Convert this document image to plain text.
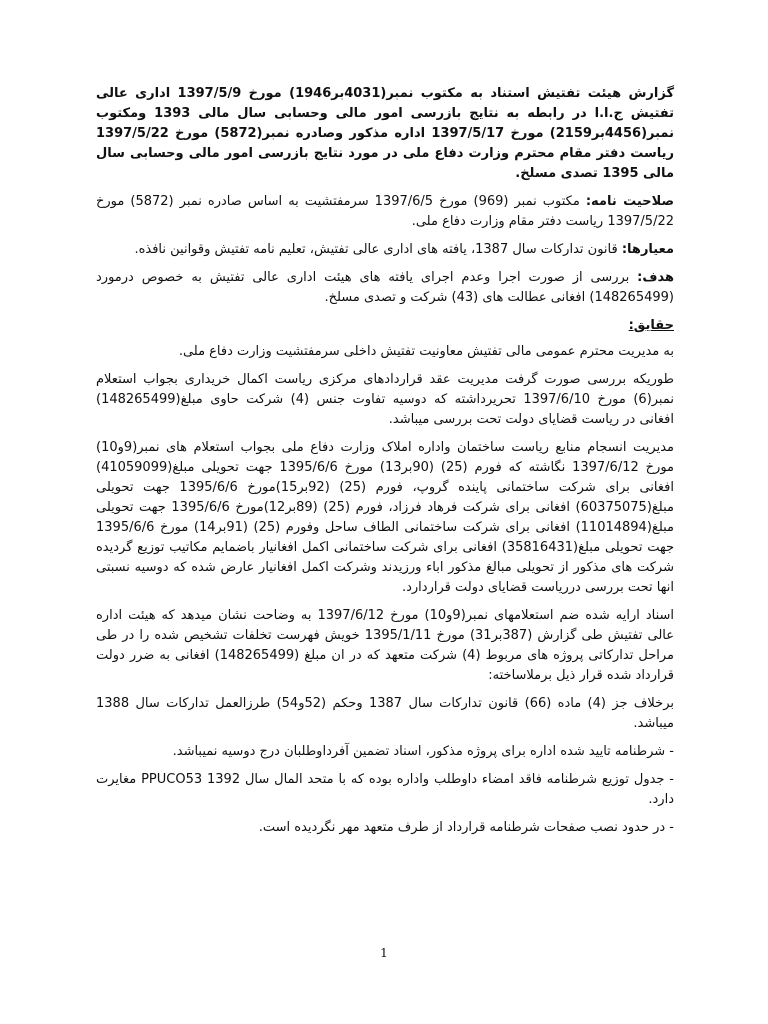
گزارش هیئت تفتیش استناد به مکتوب نمبر(4031بر1946) مورخ 1397/5/9 اداری عالی تفتیش ج.ا.ا در رابطه به نتایج بازرسی امور مالی وحسابی سال مالی 1393 ومکتوب نمبر(4456بر2159) مورخ 1397/5/17 اداره مذکور وصادره نمبر(5872) مورخ 1397/5/22 ریاست دفتر مقام محترم وزارت دفاع ملی در مورد نتایج بازرسی امور مالی وحسابی سال مالی 1395 تصدی مسلخ.

صلاحیت نامه: مکتوب نمبر (969) مورخ 1397/6/5 سرمفتشیت به اساس صادره نمبر (5872) مورخ 1397/5/22 ریاست دفتر مقام وزارت دفاع ملی.

معیارها: قانون تدارکات سال 1387، یافته های اداری عالی تفتیش، تعلیم نامه تفتیش وقوانین نافذه.

هدف: بررسی از صورت اجرا وعدم اجرای یافته های هیئت اداری عالی تفتیش به خصوص درمورد (148265499) افغانی عطالت های (43) شرکت و تصدی مسلخ.

حقایق:

به مدیریت محترم عمومی مالی تفتیش معاونیت تفتیش داخلی سرمفتشیت وزارت دفاع ملی.

طوریکه بررسی صورت گرفت مدیریت عقد قراردادهای مرکزی ریاست اکمال خریداری بجواب استعلام نمبر(6) مورخ 1397/6/10 تحریرداشته که دوسیه تفاوت جنس (4) شرکت حاوی مبلغ(148265499) افغانی در ریاست قضایای دولت تحت بررسی میباشد.

مدیریت انسجام منابع ریاست ساختمان واداره املاک وزارت دفاع ملی بجواب استعلام های نمبر(9و10) مورخ 1397/6/12 نگاشته که فورم (25) (90بر13) مورخ 1395/6/6 جهت تحویلی مبلغ(41059099) افغانی برای شرکت ساختمانی پاینده گروپ، فورم (25) (92بر15)مورخ 1395/6/6 جهت تحویلی مبلغ(60375075) افغانی برای شرکت فرهاد فرزاد، فورم (25) (89بر12)مورخ 1395/6/6 جهت تحویلی مبلغ(11014894) افغانی برای شرکت ساختمانی الطاف ساحل وفورم (25) (91بر14) مورخ 1395/6/6 جهت تحویلی مبلغ(35816431) افغانی برای شرکت ساختمانی اکمل افغانیار باضمایم مکاتیب توزیع گردیده شرکت های مذکور از تحویلی مبالغ مذکور اباء ورزیدند وشرکت اکمل افغانیار عارض شده که دوسیه نسبتی انها تحت بررسی درریاست قضایای دولت قراردارد.

اسناد ارایه شده ضم استعلامهای نمبر(9و10) مورخ 1397/6/12 به وضاحت نشان میدهد که هیئت اداره عالی تفتیش طی گزارش (387بر31) مورخ 1395/1/11 خویش فهرست تخلفات تشخیص شده را در طی مراحل تدارکاتی پروژه های مربوط (4) شرکت متعهد که در ان مبلغ (148265499) افغانی به ضرر دولت قرارداد شده قرار ذیل برملاساخته:

برخلاف جز (4) ماده (66) قانون تدارکات سال 1387 وحکم (52و54) طرزالعمل تدارکات سال 1388 میباشد.

- شرطنامه تایید شده اداره برای پروژه مذکور، اسناد تضمین آفرداوطلبان درج دوسیه نمیباشد.

- جدول توزیع شرطنامه فاقد امضاء داوطلب واداره بوده که با متحد المال سال 1392 PPUCO53 مغایرت دارد.

- در حدود نصب صفحات شرطنامه قرارداد از طرف متعهد مهر نگردیده است.

1
